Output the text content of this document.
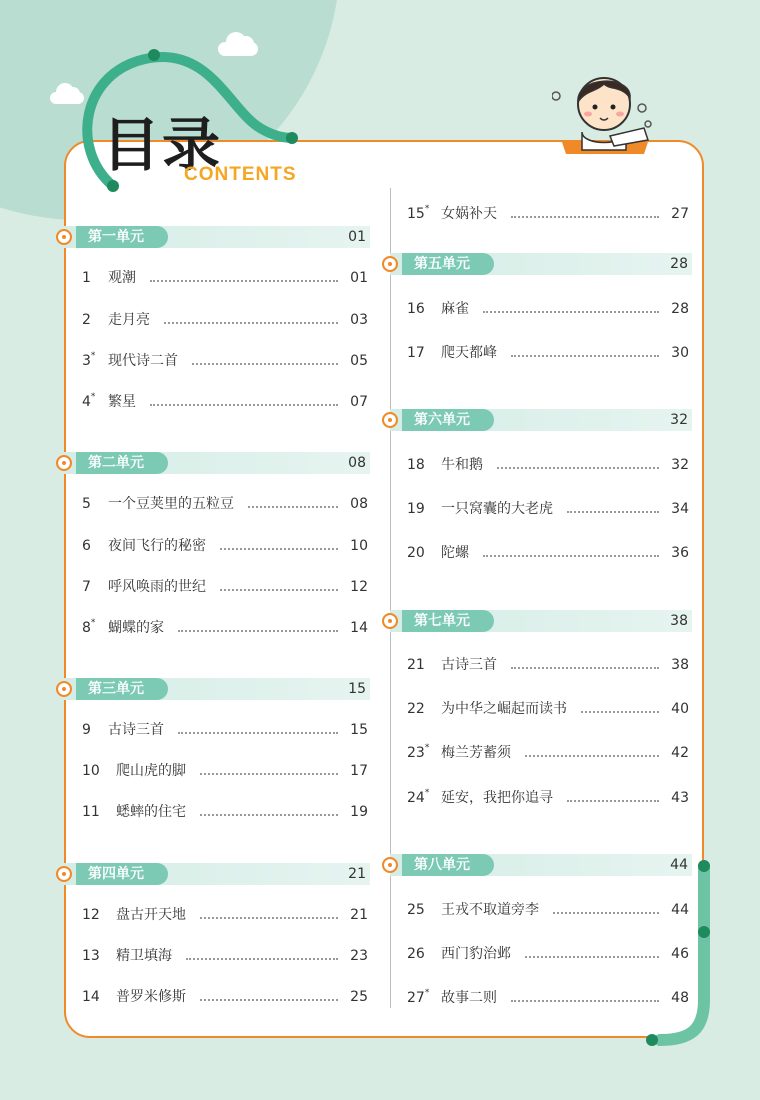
目录
CONTENTS
第一单元	01
1 观潮	01
2 走月亮	03
3* 现代诗二首	05
4* 繁星	07
第二单元	08
5 一个豆荚里的五粒豆	08
6 夜间飞行的秘密	10
7 呼风唤雨的世纪	12
8* 蝴蝶的家	14
第三单元	15
9 古诗三首	15
10 爬山虎的脚	17
11 蟋蟀的住宅	19
第四单元	21
12 盘古开天地	21
13 精卫填海	23
14 普罗米修斯	25
15* 女娲补天	27
第五单元	28
16 麻雀	28
17 爬天都峰	30
第六单元	32
18 牛和鹅	32
19 一只窝囊的大老虎	34
20 陀螺	36
第七单元	38
21 古诗三首	38
22 为中华之崛起而读书	40
23* 梅兰芳蓄须	42
24* 延安，我把你追寻	43
第八单元	44
25 王戎不取道旁李	44
26 西门豹治邺	46
27* 故事二则	48
